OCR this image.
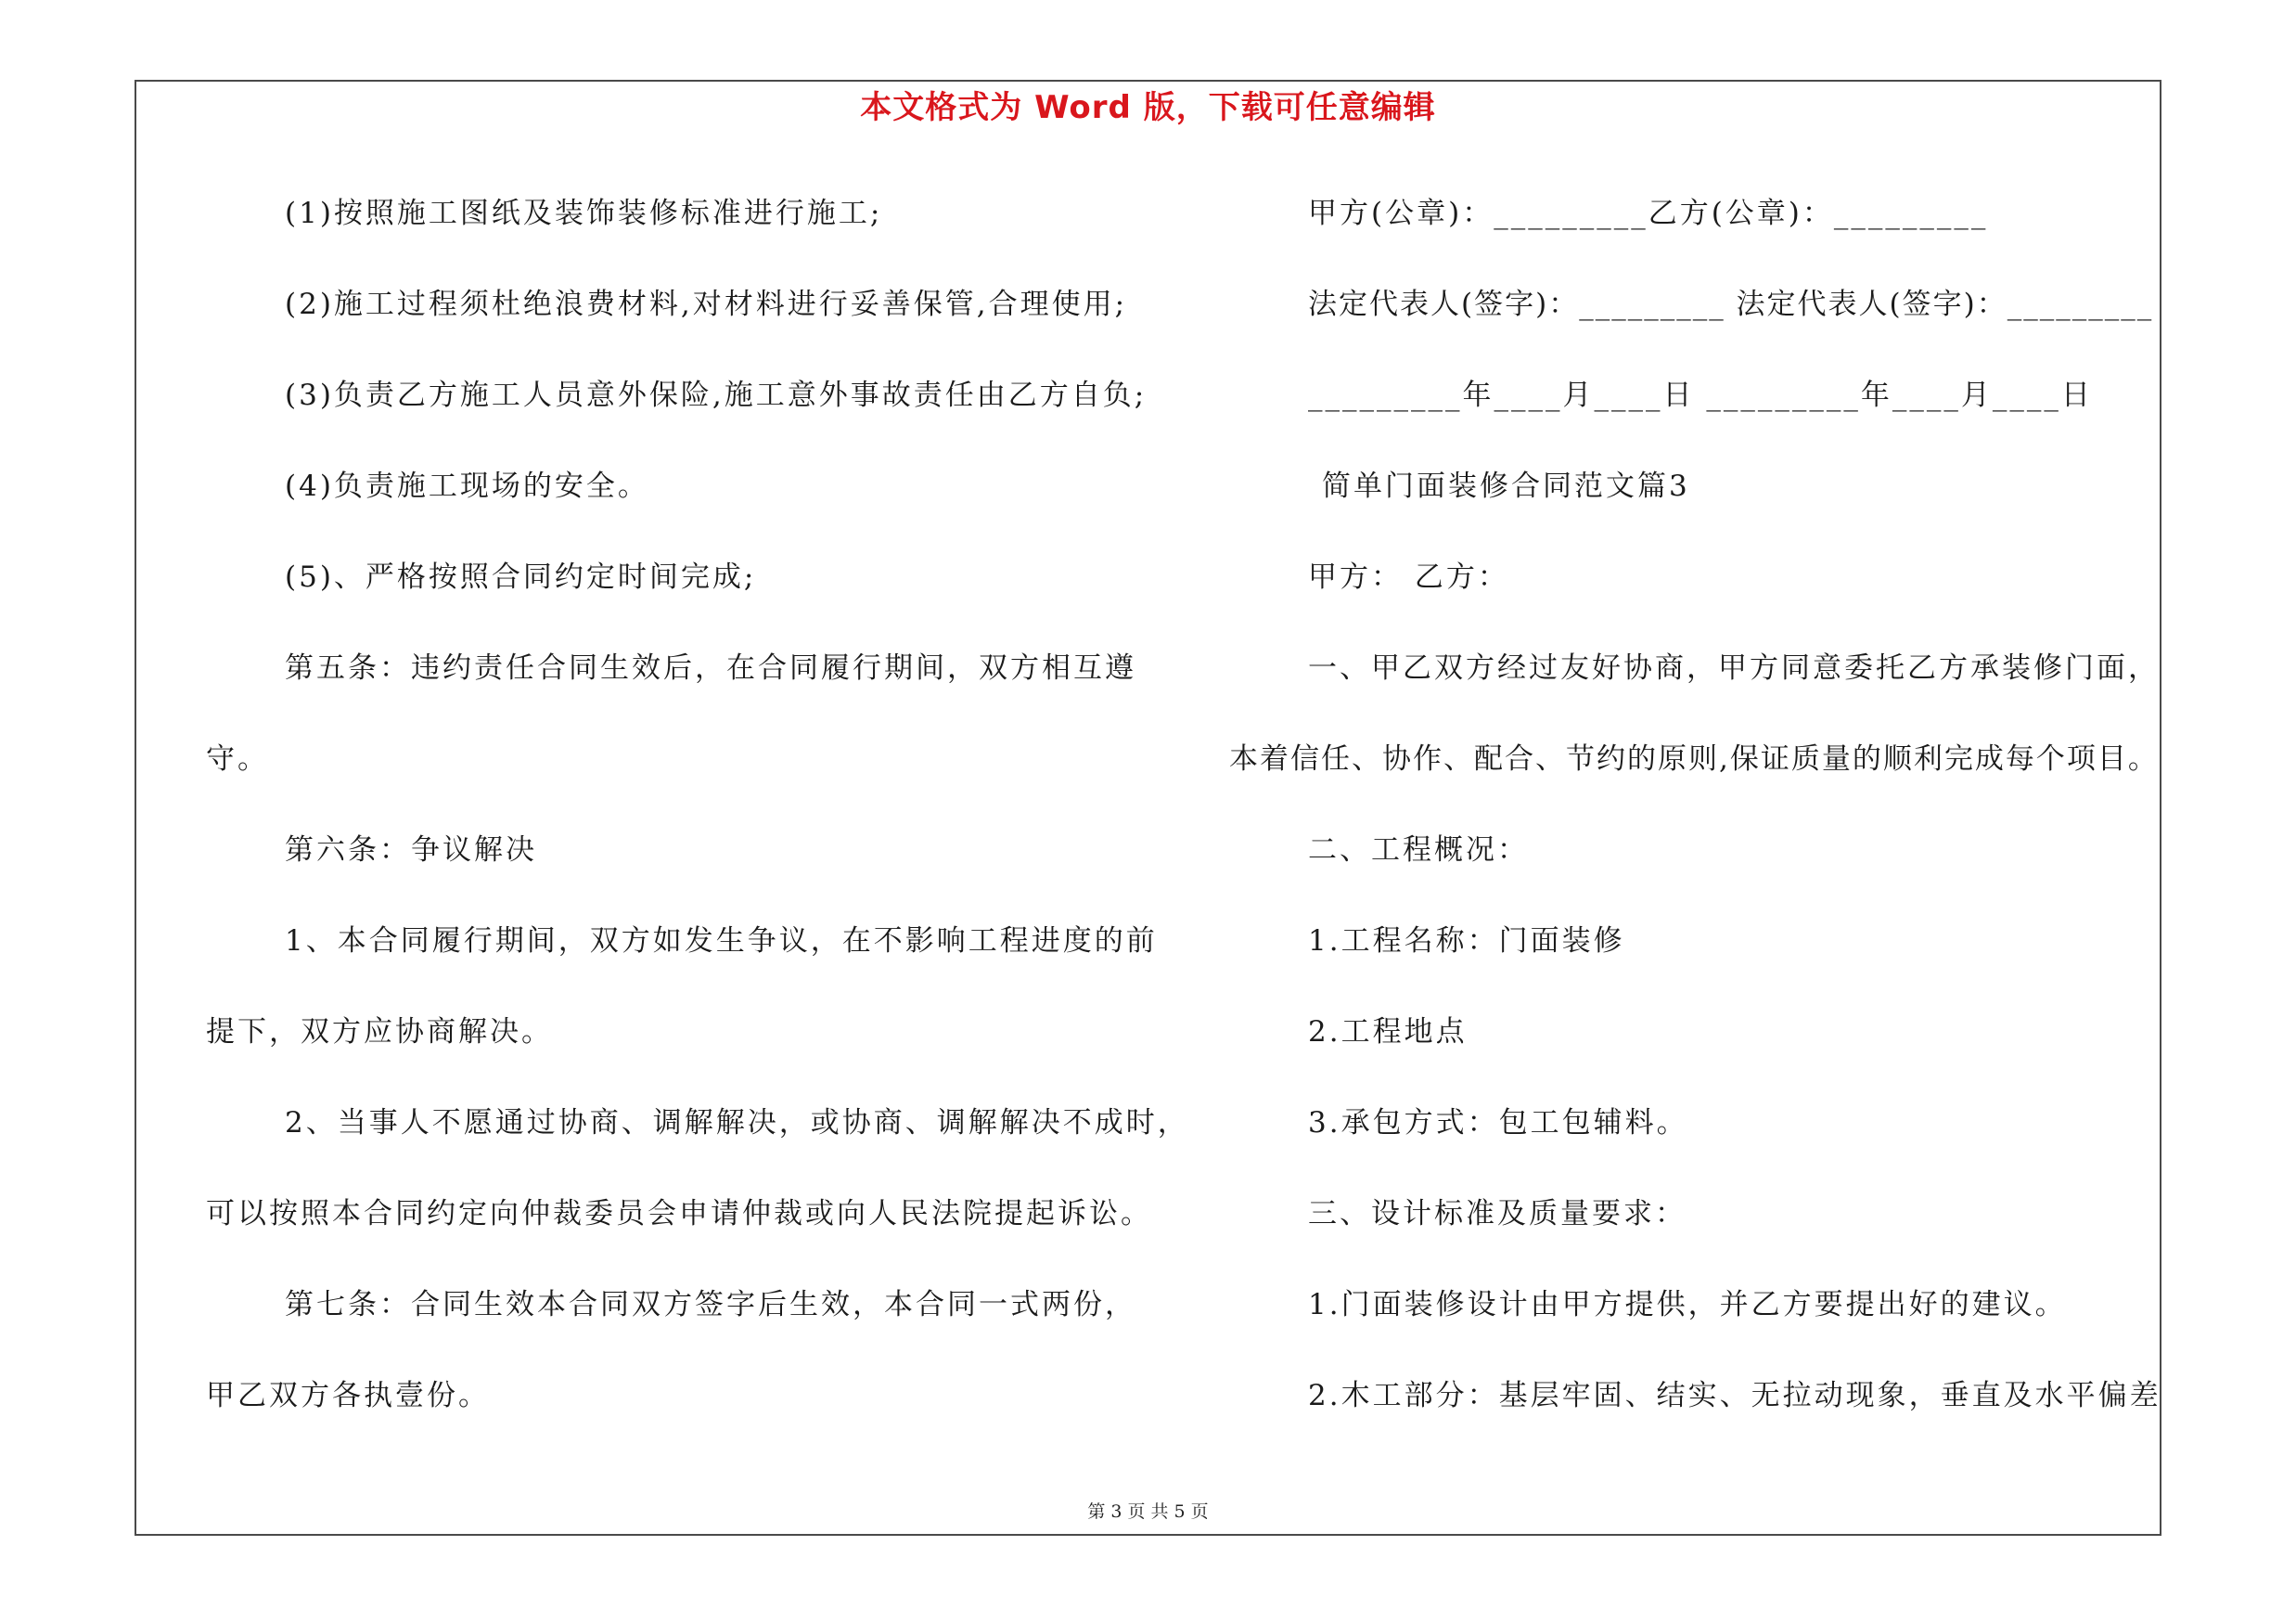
本文格式为 Word 版，下载可任意编辑
(1)按照施工图纸及装饰装修标准进行施工;
(2)施工过程须杜绝浪费材料,对材料进行妥善保管,合理使用;
(3)负责乙方施工人员意外保险,施工意外事故责任由乙方自负;
(4)负责施工现场的安全。
(5)、严格按照合同约定时间完成;
第五条：违约责任合同生效后，在合同履行期间，双方相互遵
守。
第六条：争议解决
1、本合同履行期间，双方如发生争议，在不影响工程进度的前
提下，双方应协商解决。
2、当事人不愿通过协商、调解解决，或协商、调解解决不成时，
可以按照本合同约定向仲裁委员会申请仲裁或向人民法院提起诉讼。
第七条：合同生效本合同双方签字后生效，本合同一式两份，
甲乙双方各执壹份。
甲方(公章)：_________乙方(公章)：_________
法定代表人(签字)：_________ 法定代表人(签字)：_________
_________年____月____日 _________年____月____日
简单门面装修合同范文篇3
甲方： 乙方：
一、甲乙双方经过友好协商，甲方同意委托乙方承装修门面，
本着信任、协作、配合、节约的原则,保证质量的顺利完成每个项目。
二、工程概况：
1.工程名称：门面装修
2.工程地点
3.承包方式：包工包辅料。
三、设计标准及质量要求：
1.门面装修设计由甲方提供，并乙方要提出好的建议。
2.木工部分：基层牢固、结实、无拉动现象，垂直及水平偏差
第 3 页 共 5 页
